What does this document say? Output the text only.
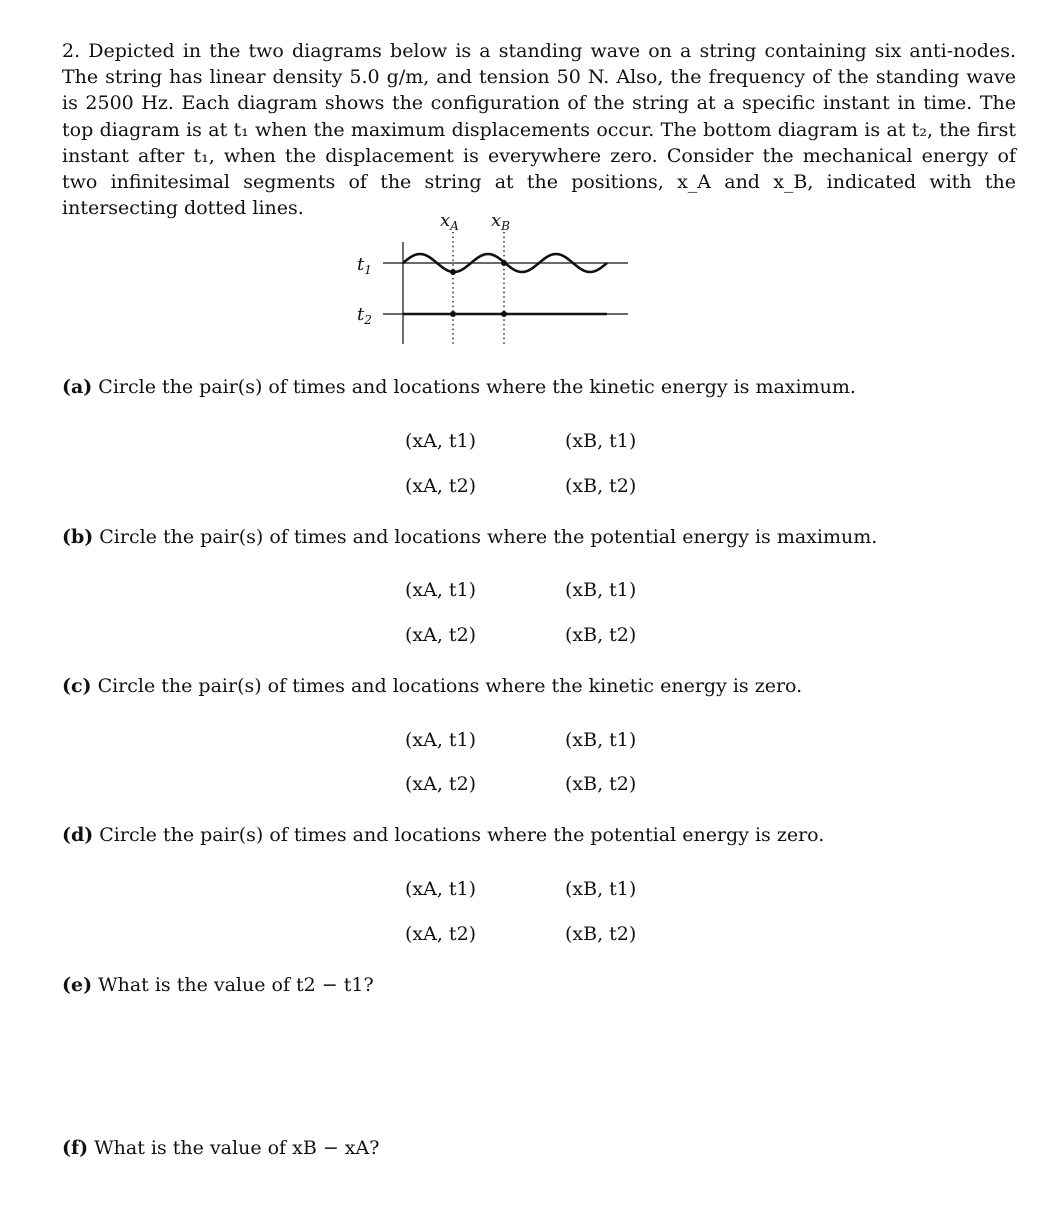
2. Depicted in the two diagrams below is a standing wave on a string containing six anti-nodes. The string has linear density 5.0 g/m, and tension 50 N. Also, the frequency of the standing wave is 2500 Hz. Each diagram shows the configuration of the string at a specific instant in time. The top diagram is at t₁ when the maximum displacements occur. The bottom diagram is at t₂, the first instant after t₁, when the displacement is everywhere zero. Consider the mechanical energy of two infinitesimal segments of the string at the positions, x_A and x_B, indicated with the intersecting dotted lines.

$x_A$ $x_B$
$t_1$
$t_2$
(a) Circle the pair(s) of times and locations where the kinetic energy is maximum.
(xA, t1)	(xB, t1)
(xA, t2)	(xB, t2)
(b) Circle the pair(s) of times and locations where the potential energy is maximum.
(xA, t1)	(xB, t1)
(xA, t2)	(xB, t2)
(c) Circle the pair(s) of times and locations where the kinetic energy is zero.
(xA, t1)	(xB, t1)
(xA, t2)	(xB, t2)
(d) Circle the pair(s) of times and locations where the potential energy is zero.
(xA, t1)	(xB, t1)
(xA, t2)	(xB, t2)
(e) What is the value of t2 − t1?
(f) What is the value of xB − xA?
